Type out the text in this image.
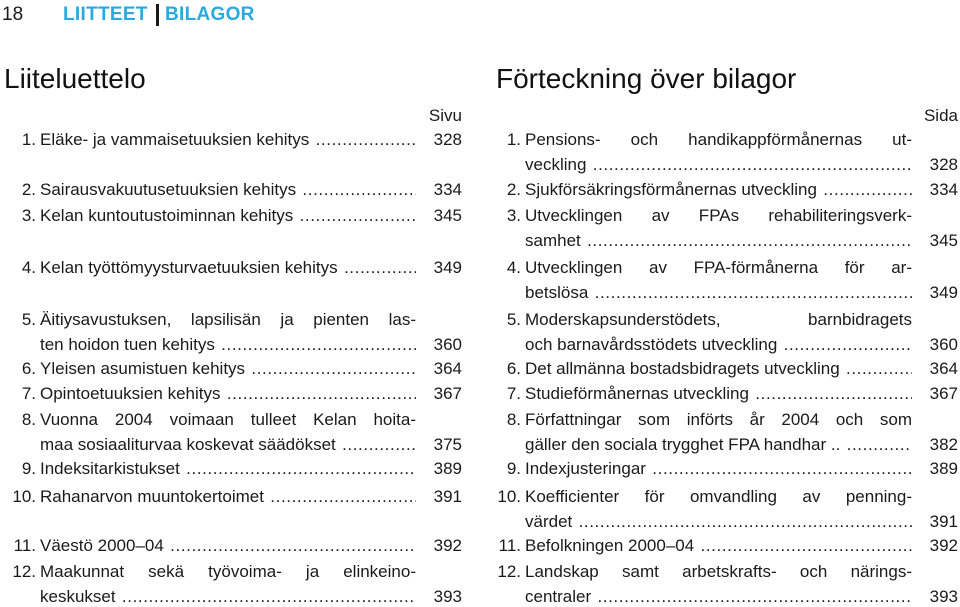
18 LIITTEET BILAGOR
Liiteluettelo
Sivu
1. Eläke- ja vammaisetuuksien kehitys .....	328
2. Sairausvakuutusetuuksien kehitys .....	334
3. Kelan kuntoutustoiminnan kehitys .....	345
4. Kelan työttömyysturvaetuuksien kehitys .....	349
5. Äitiysavustuksen, lapsilisän ja pienten las-
ten hoidon tuen kehitys .....	360
6. Yleisen asumistuen kehitys .....	364
7. Opintoetuuksien kehitys .....	367
8. Vuonna 2004 voimaan tulleet Kelan hoita-
maa sosiaaliturvaa koskevat säädökset .....	375
9. Indeksitarkistukset .....	389
10. Rahanarvon muuntokertoimet .....	391
11. Väestö 2000–04 .....	392
12. Maakunnat sekä työvoima- ja elinkeino-
keskukset .....	393
Förteckning över bilagor
Sida
1. Pensions- och handikappförmånernas ut-
veckling .....	328
2. Sjukförsäkringsförmånernas utveckling .....	334
3. Utvecklingen av FPAs rehabiliteringsverk-
samhet .....	345
4. Utvecklingen av FPA-förmånerna för ar-
betslösa .....	349
5. Moderskapsunderstödets, barnbidragets
och barnavårdsstödets utveckling .....	360
6. Det allmänna bostadsbidragets utveckling .....	364
7. Studieförmånernas utveckling .....	367
8. Författningar som införts år 2004 och som
gäller den sociala trygghet FPA handhar .. .....	382
9. Indexjusteringar .....	389
10. Koefficienter för omvandling av penning-
värdet .....	391
11. Befolkningen 2000–04 .....	392
12. Landskap samt arbetskrafts- och närings-
centraler .....	393
